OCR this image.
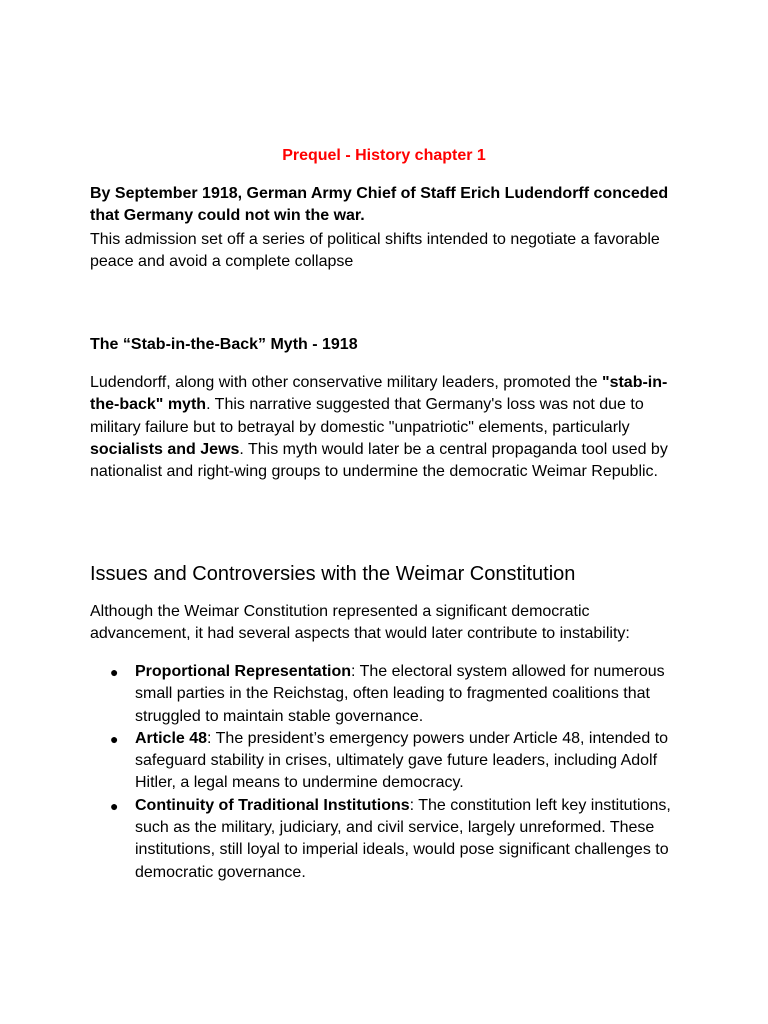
Prequel - History chapter 1

By September 1918, German Army Chief of Staff Erich Ludendorff conceded that Germany could not win the war.

This admission set off a series of political shifts intended to negotiate a favorable peace and avoid a complete collapse

The “Stab-in-the-Back” Myth - 1918

Ludendorff, along with other conservative military leaders, promoted the "stab-in-the-back" myth. This narrative suggested that Germany's loss was not due to military failure but to betrayal by domestic "unpatriotic" elements, particularly socialists and Jews. This myth would later be a central propaganda tool used by nationalist and right-wing groups to undermine the democratic Weimar Republic.

Issues and Controversies with the Weimar Constitution

Although the Weimar Constitution represented a significant democratic advancement, it had several aspects that would later contribute to instability:

● Proportional Representation: The electoral system allowed for numerous small parties in the Reichstag, often leading to fragmented coalitions that struggled to maintain stable governance.
● Article 48: The president’s emergency powers under Article 48, intended to safeguard stability in crises, ultimately gave future leaders, including Adolf Hitler, a legal means to undermine democracy.
● Continuity of Traditional Institutions: The constitution left key institutions, such as the military, judiciary, and civil service, largely unreformed. These institutions, still loyal to imperial ideals, would pose significant challenges to democratic governance.
